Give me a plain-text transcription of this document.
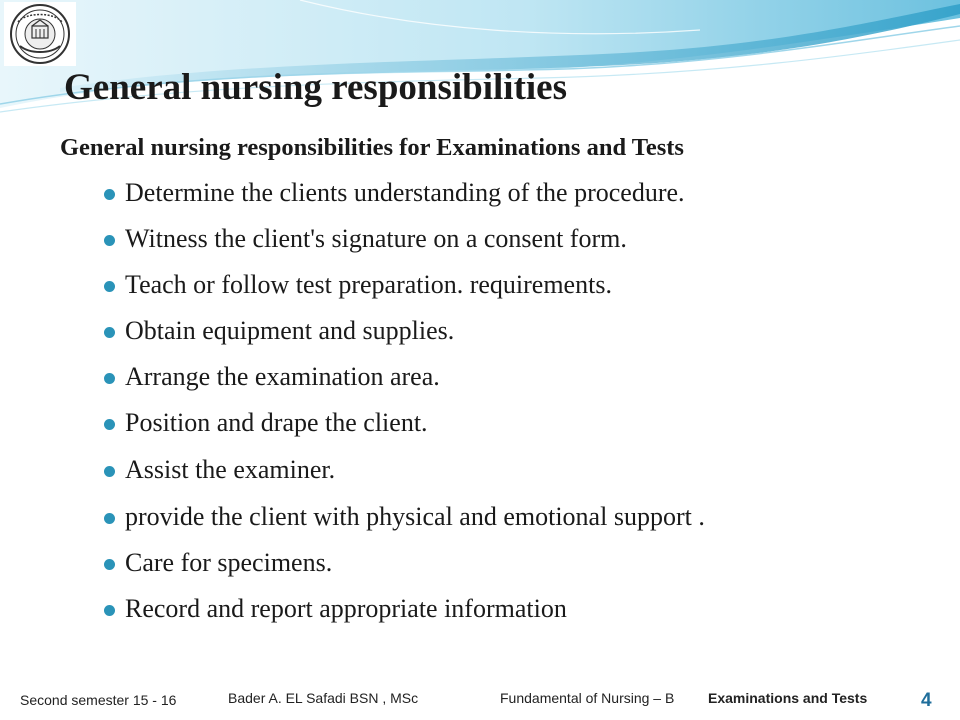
General nursing responsibilities
General nursing responsibilities for Examinations and Tests
Determine the clients understanding of the procedure.
Witness the client's signature on a consent form.
Teach or follow test preparation. requirements.
Obtain equipment and supplies.
Arrange the examination area.
Position and drape the client.
Assist the examiner.
provide the client with physical and emotional support .
Care for specimens.
Record and report appropriate information
Second semester 15 - 16	Bader A. EL Safadi BSN , MSc	Fundamental of Nursing – B Examinations and Tests	4
